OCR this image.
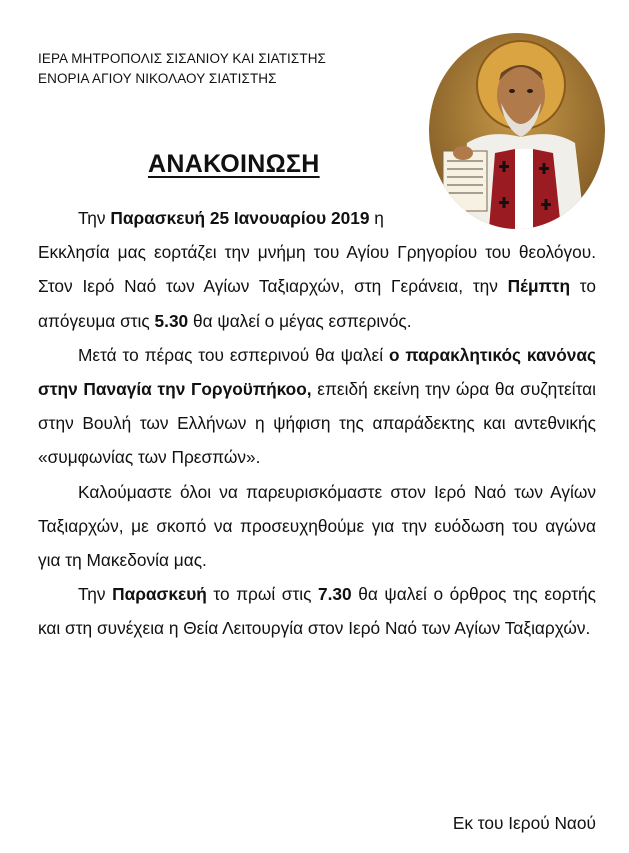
ΙΕΡΑ ΜΗΤΡΟΠΟΛΙΣ ΣΙΣΑΝΙΟΥ ΚΑΙ ΣΙΑΤΙΣΤΗΣ
ΕΝΟΡΙΑ ΑΓΙΟΥ ΝΙΚΟΛΑΟΥ ΣΙΑΤΙΣΤΗΣ
ΑΝΑΚΟΙΝΩΣΗ

Την Παρασκευή 25 Ιανουαρίου 2019 η
Εκκλησία μας εορτάζει την μνήμη του Αγίου Γρηγορίου του θεολόγου. Στον Ιερό Ναό των Αγίων Ταξιαρχών, στη Γεράνεια, την Πέμπτη το απόγευμα στις 5.30 θα ψαλεί ο μέγας εσπερινός.

Μετά το πέρας του εσπερινού θα ψαλεί ο παρακλητικός κανόνας στην Παναγία την Γοργοϋπήκοο, επειδή εκείνη την ώρα θα συζητείται στην Βουλή των Ελλήνων η ψήφιση της απαράδεκτης και αντεθνικής «συμφωνίας των Πρεσπών».

Καλούμαστε όλοι να παρευρισκόμαστε στον Ιερό Ναό των Αγίων Ταξιαρχών, με σκοπό να προσευχηθούμε για την ευόδωση του αγώνα για τη Μακεδονία μας.

Την Παρασκευή το πρωί στις 7.30 θα ψαλεί ο όρθρος της εορτής και στη συνέχεια η Θεία Λειτουργία στον Ιερό Ναό των Αγίων Ταξιαρχών.

Εκ του Ιερού Ναού
